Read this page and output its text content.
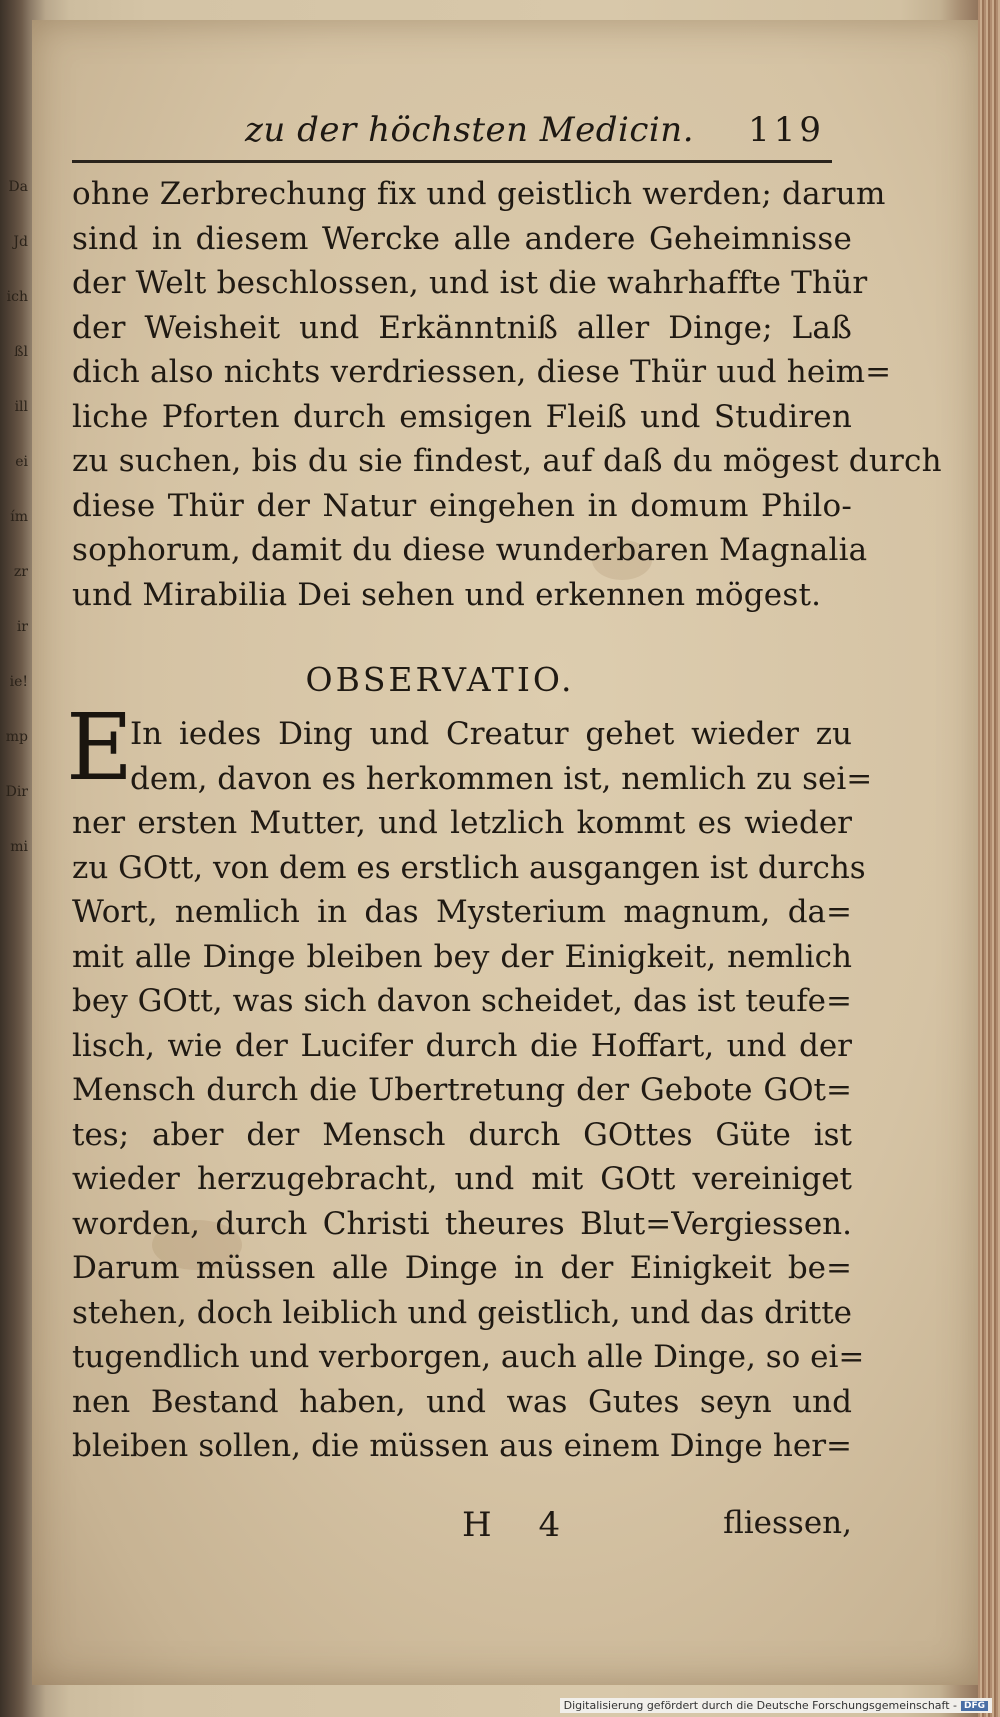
Da
Jd
ich
ßl
ill
ei
ím
zr
ir
ie!
mp
Dir
mi
zu der höchsten Medicin. 119
ohne Zerbrechung fix und geistlich werden; darum
sind in diesem Wercke alle andere Geheimnisse
der Welt beschlossen, und ist die wahrhaffte Thür
der Weisheit und Erkänntniß aller Dinge; Laß
dich also nichts verdriessen, diese Thür uud heim=
liche Pforten durch emsigen Fleiß und Studiren
zu suchen, bis du sie findest, auf daß du mögest durch
diese Thür der Natur eingehen in domum Philo-
sophorum, damit du diese wunderbaren Magnalia
und Mirabilia Dei sehen und erkennen mögest.
OBSERVATIO.
E
In iedes Ding und Creatur gehet wieder zu
dem, davon es herkommen ist, nemlich zu sei=
ner ersten Mutter, und letzlich kommt es wieder
zu GOtt, von dem es erstlich ausgangen ist durchs
Wort, nemlich in das Mysterium magnum, da=
mit alle Dinge bleiben bey der Einigkeit, nemlich
bey GOtt, was sich davon scheidet, das ist teufe=
lisch, wie der Lucifer durch die Hoffart, und der
Mensch durch die Ubertretung der Gebote GOt=
tes; aber der Mensch durch GOttes Güte ist
wieder herzugebracht, und mit GOtt vereiniget
worden, durch Christi theures Blut=Vergiessen.
Darum müssen alle Dinge in der Einigkeit be=
stehen, doch leiblich und geistlich, und das dritte
tugendlich und verborgen, auch alle Dinge, so ei=
nen Bestand haben, und was Gutes seyn und
bleiben sollen, die müssen aus einem Dinge her=
H 4	fliessen,
Digitalisierung gefördert durch die Deutsche Forschungsgemeinschaft - DFG
